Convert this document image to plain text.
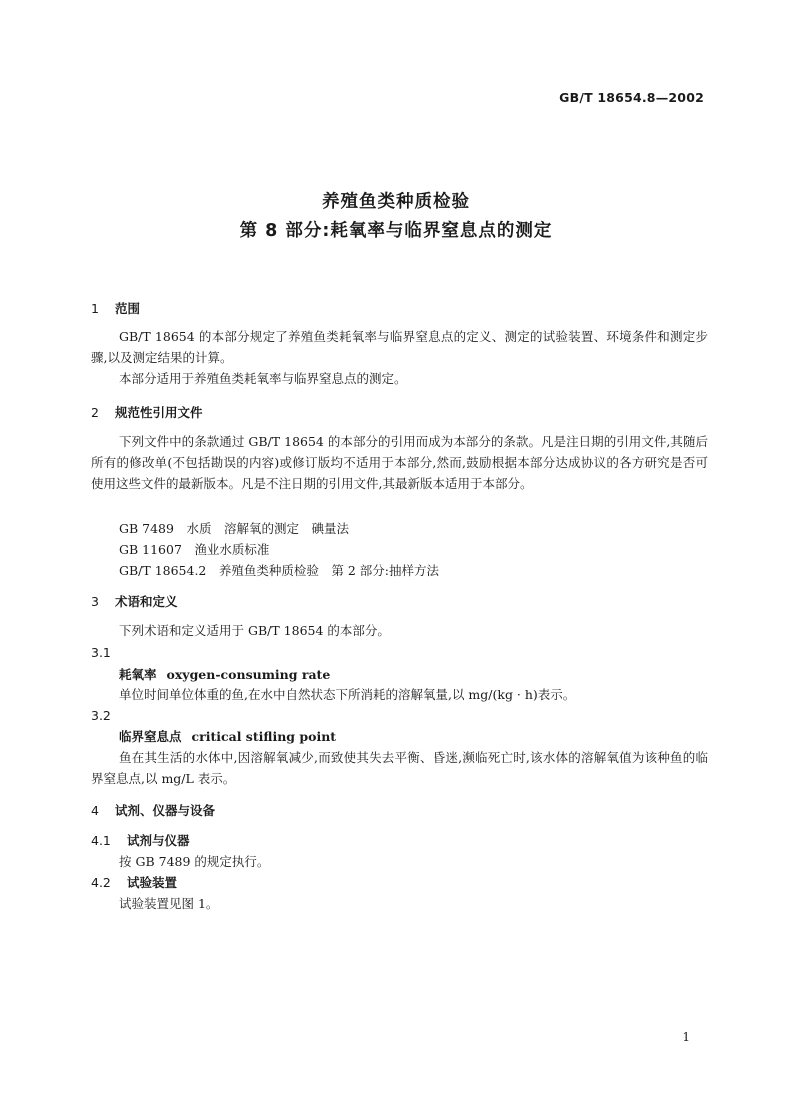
GB/T 18654.8—2002
养殖鱼类种质检验
第 8 部分:耗氧率与临界窒息点的测定
1 范围
GB/T 18654 的本部分规定了养殖鱼类耗氧率与临界窒息点的定义、测定的试验装置、环境条件和测定步骤,以及测定结果的计算。
本部分适用于养殖鱼类耗氧率与临界窒息点的测定。
2 规范性引用文件
下列文件中的条款通过 GB/T 18654 的本部分的引用而成为本部分的条款。凡是注日期的引用文件,其随后所有的修改单(不包括勘误的内容)或修订版均不适用于本部分,然而,鼓励根据本部分达成协议的各方研究是否可使用这些文件的最新版本。凡是不注日期的引用文件,其最新版本适用于本部分。
GB 7489　水质　溶解氧的测定　碘量法
GB 11607　渔业水质标准
GB/T 18654.2　养殖鱼类种质检验　第 2 部分:抽样方法
3 术语和定义
下列术语和定义适用于 GB/T 18654 的本部分。
3.1
耗氧率 oxygen-consuming rate
单位时间单位体重的鱼,在水中自然状态下所消耗的溶解氧量,以 mg/(kg · h)表示。
3.2
临界窒息点 critical stifling point
鱼在其生活的水体中,因溶解氧减少,而致使其失去平衡、昏迷,濒临死亡时,该水体的溶解氧值为该种鱼的临界窒息点,以 mg/L 表示。
4 试剂、仪器与设备
4.1 试剂与仪器
按 GB 7489 的规定执行。
4.2 试验装置
试验装置见图 1。
1
